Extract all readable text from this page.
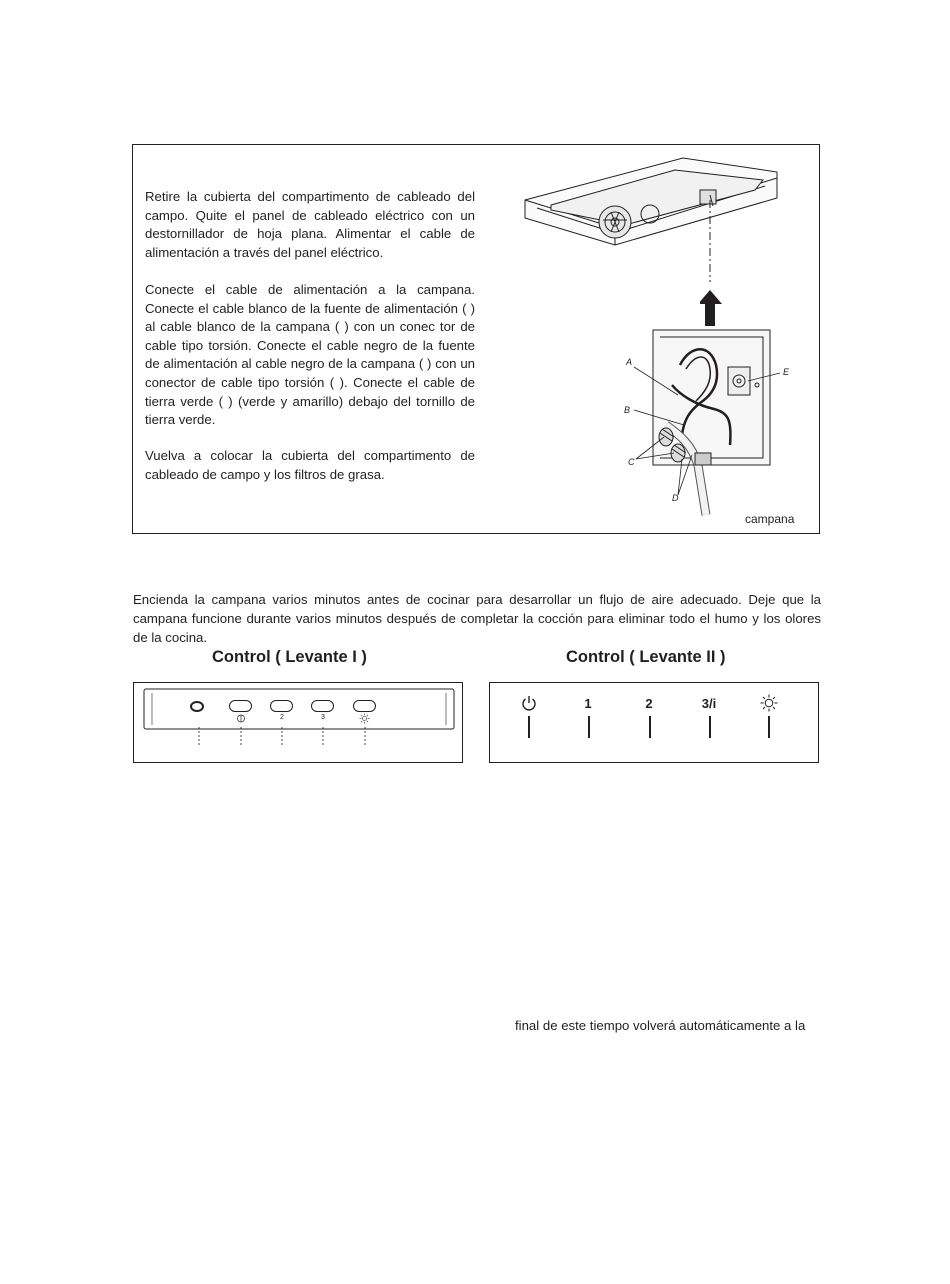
Retire la cubierta del compartimento de cableado del campo. Quite el panel de cableado eléctrico con un destornillador de hoja plana. Alimentar el cable de alimentación a través del panel eléctrico.

Conecte el cable de alimentación a la campana. Conecte el cable blanco de la fuente de alimentación ( ) al cable blanco de la campana ( ) con un conec tor de cable tipo torsión. Conecte el cable negro de la fuente de alimentación al cable negro de la campana ( ) con un conector de cable tipo torsión ( ). Conecte el cable de tierra verde ( ) (verde y amarillo) debajo del tornillo de tierra verde.

Vuelva a colocar la cubierta del compartimento de cableado de campo y los filtros de grasa.

A
B
C
D
E
campana

Encienda la campana varios minutos antes de cocinar para desarrollar un flujo de aire adecuado. Deje que la campana funcione durante varios minutos después de completar la cocción para eliminar todo el humo y los olores de la cocina.

Control ( Levante I )	Control ( Levante II )
2	3
1	2	3/i
final de este tiempo volverá automáticamente a la
